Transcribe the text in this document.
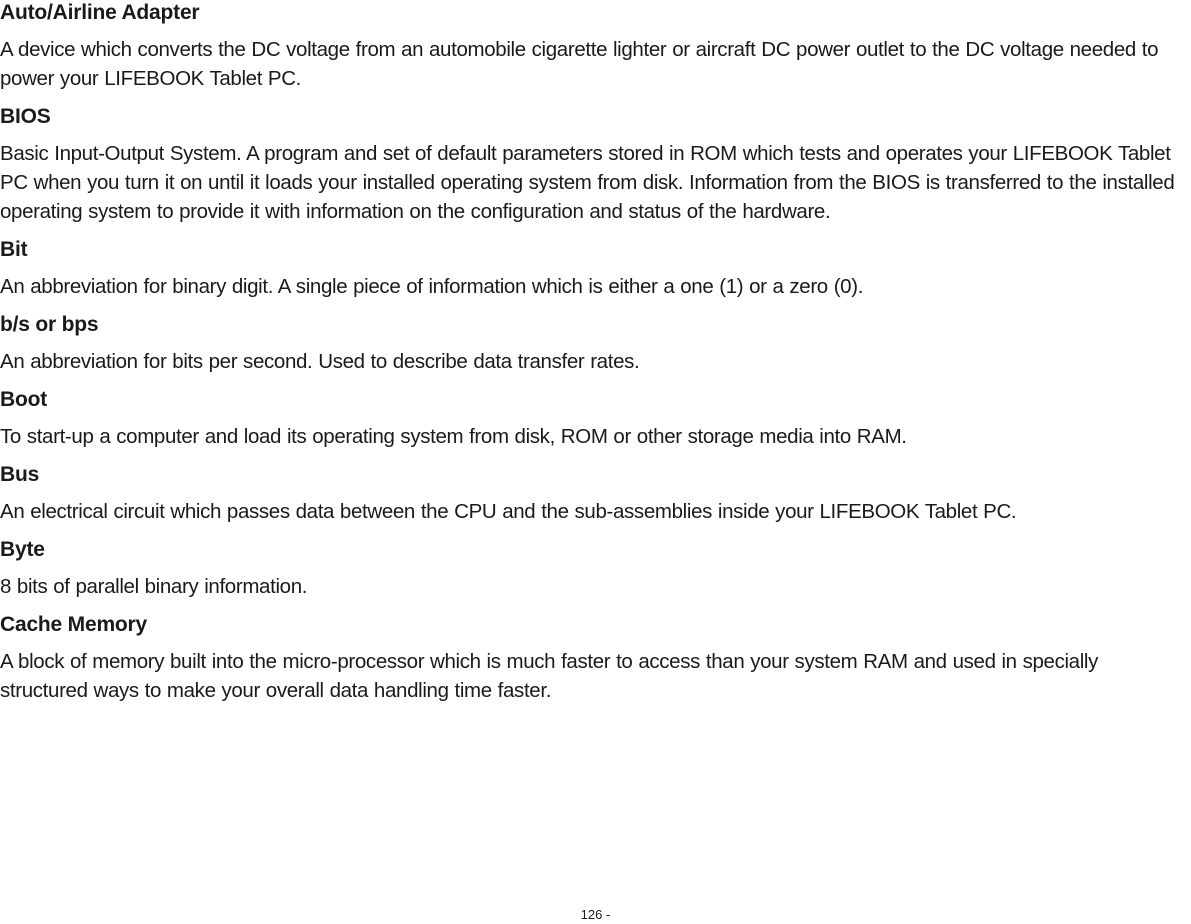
Auto/Airline Adapter
A device which converts the DC voltage from an automobile cigarette lighter or aircraft DC power outlet to the DC voltage needed to power your LIFEBOOK Tablet PC.
BIOS
Basic Input-Output System. A program and set of default parameters stored in ROM which tests and operates your LIFEBOOK Tablet PC when you turn it on until it loads your installed operating system from disk. Information from the BIOS is transferred to the installed operating system to provide it with information on the configuration and status of the hardware.
Bit
An abbreviation for binary digit. A single piece of information which is either a one (1) or a zero (0).
b/s or bps
An abbreviation for bits per second. Used to describe data transfer rates.
Boot
To start-up a computer and load its operating system from disk, ROM or other storage media into RAM.
Bus
An electrical circuit which passes data between the CPU and the sub-assemblies inside your LIFEBOOK Tablet PC.
Byte
8 bits of parallel binary information.
Cache Memory
A block of memory built into the micro-processor which is much faster to access than your system RAM and used in specially structured ways to make your overall data handling time faster.
126 -
